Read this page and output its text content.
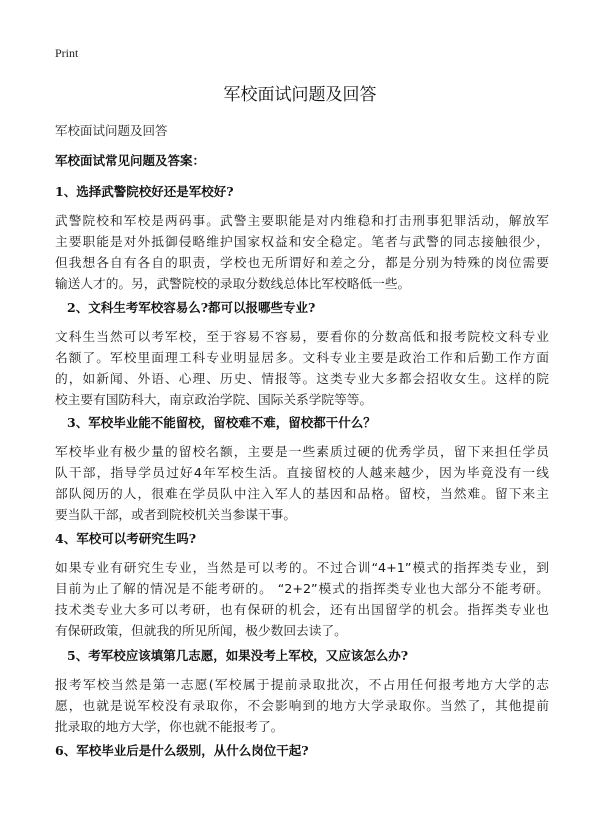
Print
军校面试问题及回答
军校面试问题及回答
军校面试常见问题及答案：
1、选择武警院校好还是军校好?
武警院校和军校是两码事。武警主要职能是对内维稳和打击刑事犯罪活动，解放军
主要职能是对外抵御侵略维护国家权益和安全稳定。笔者与武警的同志接触很少，
但我想各自有各自的职责，学校也无所谓好和差之分，都是分别为特殊的岗位需要
输送人才的。另，武警院校的录取分数线总体比军校略低一些。
2、文科生考军校容易么?都可以报哪些专业?
文科生当然可以考军校，至于容易不容易，要看你的分数高低和报考院校文科专业
名额了。军校里面理工科专业明显居多。文科专业主要是政治工作和后勤工作方面
的，如新闻、外语、心理、历史、情报等。这类专业大多都会招收女生。这样的院
校主要有国防科大，南京政治学院、国际关系学院等等。
3、军校毕业能不能留校，留校难不难，留校都干什么？
军校毕业有极少量的留校名额，主要是一些素质过硬的优秀学员，留下来担任学员
队干部，指导学员过好4年军校生活。直接留校的人越来越少，因为毕竟没有一线
部队阅历的人，很难在学员队中注入军人的基因和品格。留校，当然难。留下来主
要当队干部，或者到院校机关当参谋干事。
4、军校可以考研究生吗?
如果专业有研究生专业，当然是可以考的。不过合训“4+1”模式的指挥类专业，到
目前为止了解的情况是不能考研的。 “2+2”模式的指挥类专业也大部分不能考研。
技术类专业大多可以考研，也有保研的机会，还有出国留学的机会。指挥类专业也
有保研政策，但就我的所见所闻，极少数回去读了。
5、考军校应该填第几志愿，如果没考上军校，又应该怎么办?
报考军校当然是第一志愿(军校属于提前录取批次，不占用任何报考地方大学的志
愿，也就是说军校没有录取你，不会影响到的地方大学录取你。当然了，其他提前
批录取的地方大学，你也就不能报考了。
6、军校毕业后是什么级别，从什么岗位干起?
